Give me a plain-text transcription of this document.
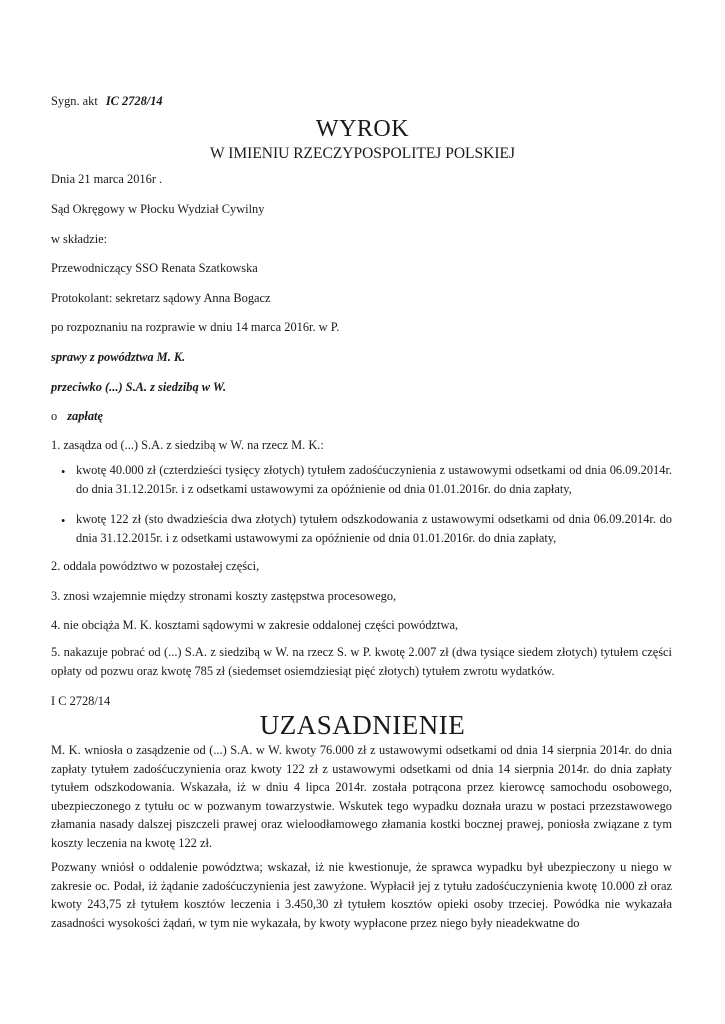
Sygn. akt IC 2728/14
WYROK
W IMIENIU RZECZYPOSPOLITEJ POLSKIEJ
Dnia 21 marca 2016r .
Sąd Okręgowy w Płocku Wydział Cywilny
w składzie:
Przewodniczący SSO Renata Szatkowska
Protokolant: sekretarz sądowy Anna Bogacz
po rozpoznaniu na rozprawie w dniu 14 marca 2016r. w P.
sprawy z powództwa M. K.
przeciwko (...) S.A. z siedzibą w W.
o zapłatę
1. zasądza od (...) S.A. z siedzibą w W. na rzecz M. K.:
• kwotę 40.000 zł (czterdzieści tysięcy złotych) tytułem zadośćuczynienia z ustawowymi odsetkami od dnia 06.09.2014r. do dnia 31.12.2015r. i z odsetkami ustawowymi za opóźnienie od dnia 01.01.2016r. do dnia zapłaty,
• kwotę 122 zł (sto dwadzieścia dwa złotych) tytułem odszkodowania z ustawowymi odsetkami od dnia 06.09.2014r. do dnia 31.12.2015r. i z odsetkami ustawowymi za opóźnienie od dnia 01.01.2016r. do dnia zapłaty,
2. oddala powództwo w pozostałej części,
3. znosi wzajemnie między stronami koszty zastępstwa procesowego,
4. nie obciąża M. K. kosztami sądowymi w zakresie oddalonej części powództwa,
5. nakazuje pobrać od (...) S.A. z siedzibą w W. na rzecz S. w P. kwotę 2.007 zł (dwa tysiące siedem złotych) tytułem części opłaty od pozwu oraz kwotę 785 zł (siedemset osiemdziesiąt pięć złotych) tytułem zwrotu wydatków.
I C 2728/14
UZASADNIENIE
M. K. wniosła o zasądzenie od (...) S.A. w W. kwoty 76.000 zł z ustawowymi odsetkami od dnia 14 sierpnia 2014r. do dnia zapłaty tytułem zadośćuczynienia oraz kwoty 122 zł z ustawowymi odsetkami od dnia 14 sierpnia 2014r. do dnia zapłaty tytułem odszkodowania. Wskazała, iż w dniu 4 lipca 2014r. została potrącona przez kierowcę samochodu osobowego, ubezpieczonego z tytułu oc w pozwanym towarzystwie. Wskutek tego wypadku doznała urazu w postaci przezstawowego złamania nasady dalszej piszczeli prawej oraz wieloodłamowego złamania kostki bocznej prawej, poniosła związane z tym koszty leczenia na kwotę 122 zł.
Pozwany wniósł o oddalenie powództwa; wskazał, iż nie kwestionuje, że sprawca wypadku był ubezpieczony u niego w zakresie oc. Podał, iż żądanie zadośćuczynienia jest zawyżone. Wypłacił jej z tytułu zadośćuczynienia kwotę 10.000 zł oraz kwoty 243,75 zł tytułem kosztów leczenia i 3.450,30 zł tytułem kosztów opieki osoby trzeciej. Powódka nie wykazała zasadności wysokości żądań, w tym nie wykazała, by kwoty wypłacone przez niego były nieadekwatne do
